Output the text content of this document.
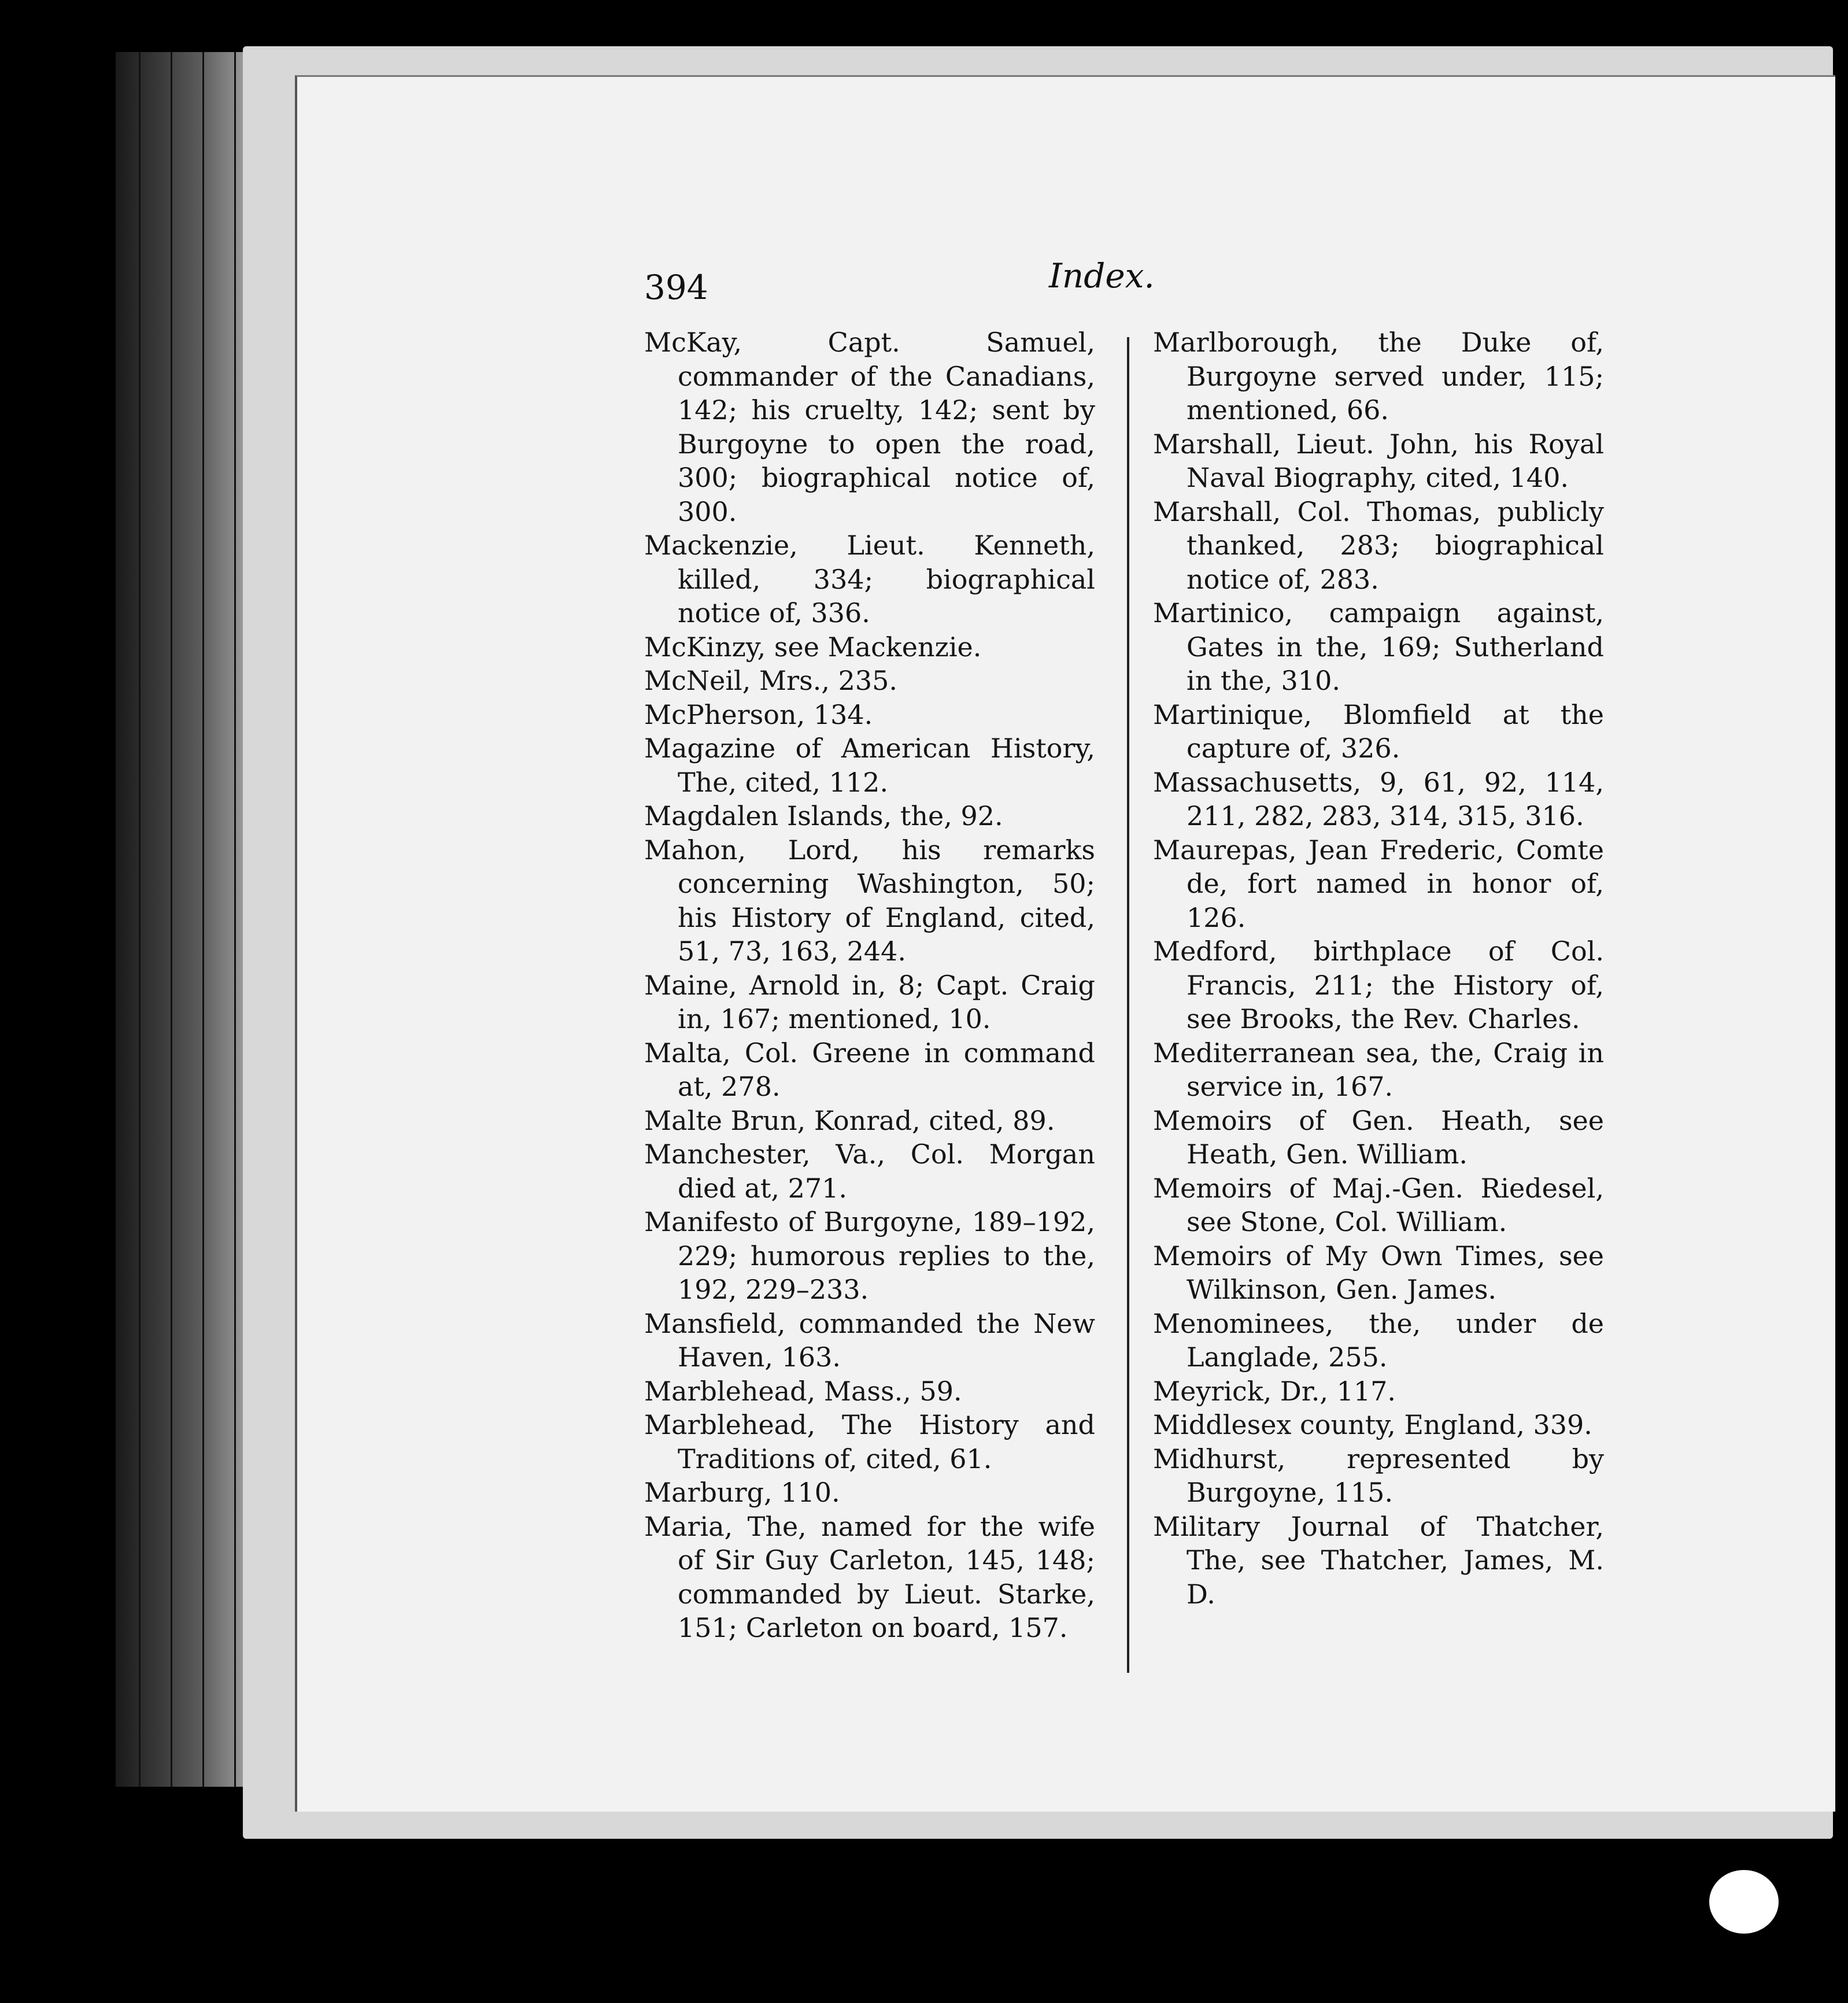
394	Index.

McKay, Capt. Samuel, commander of the Canadians, 142; his cruelty, 142; sent by Burgoyne to open the road, 300; biographical notice of, 300.

Mackenzie, Lieut. Kenneth, killed, 334; biographical notice of, 336.

McKinzy, see Mackenzie.

McNeil, Mrs., 235.

McPherson, 134.

Magazine of American History, The, cited, 112.

Magdalen Islands, the, 92.

Mahon, Lord, his remarks concerning Washington, 50; his History of England, cited, 51, 73, 163, 244.

Maine, Arnold in, 8; Capt. Craig in, 167; mentioned, 10.

Malta, Col. Greene in command at, 278.

Malte Brun, Konrad, cited, 89.

Manchester, Va., Col. Morgan died at, 271.

Manifesto of Burgoyne, 189–192, 229; humorous replies to the, 192, 229–233.

Mansfield, commanded the New Haven, 163.

Marblehead, Mass., 59.

Marblehead, The History and Traditions of, cited, 61.

Marburg, 110.

Maria, The, named for the wife of Sir Guy Carleton, 145, 148; commanded by Lieut. Starke, 151; Carleton on board, 157.

Marlborough, the Duke of, Burgoyne served under, 115; mentioned, 66.

Marshall, Lieut. John, his Royal Naval Biography, cited, 140.

Marshall, Col. Thomas, publicly thanked, 283; biographical notice of, 283.

Martinico, campaign against, Gates in the, 169; Sutherland in the, 310.

Martinique, Blomfield at the capture of, 326.

Massachusetts, 9, 61, 92, 114, 211, 282, 283, 314, 315, 316.

Maurepas, Jean Frederic, Comte de, fort named in honor of, 126.

Medford, birthplace of Col. Francis, 211; the History of, see Brooks, the Rev. Charles.

Mediterranean sea, the, Craig in service in, 167.

Memoirs of Gen. Heath, see Heath, Gen. William.

Memoirs of Maj.-Gen. Riedesel, see Stone, Col. William.

Memoirs of My Own Times, see Wilkinson, Gen. James.

Menominees, the, under de Langlade, 255.

Meyrick, Dr., 117.

Middlesex county, England, 339.

Midhurst, represented by Burgoyne, 115.

Military Journal of Thatcher, The, see Thatcher, James, M. D.
